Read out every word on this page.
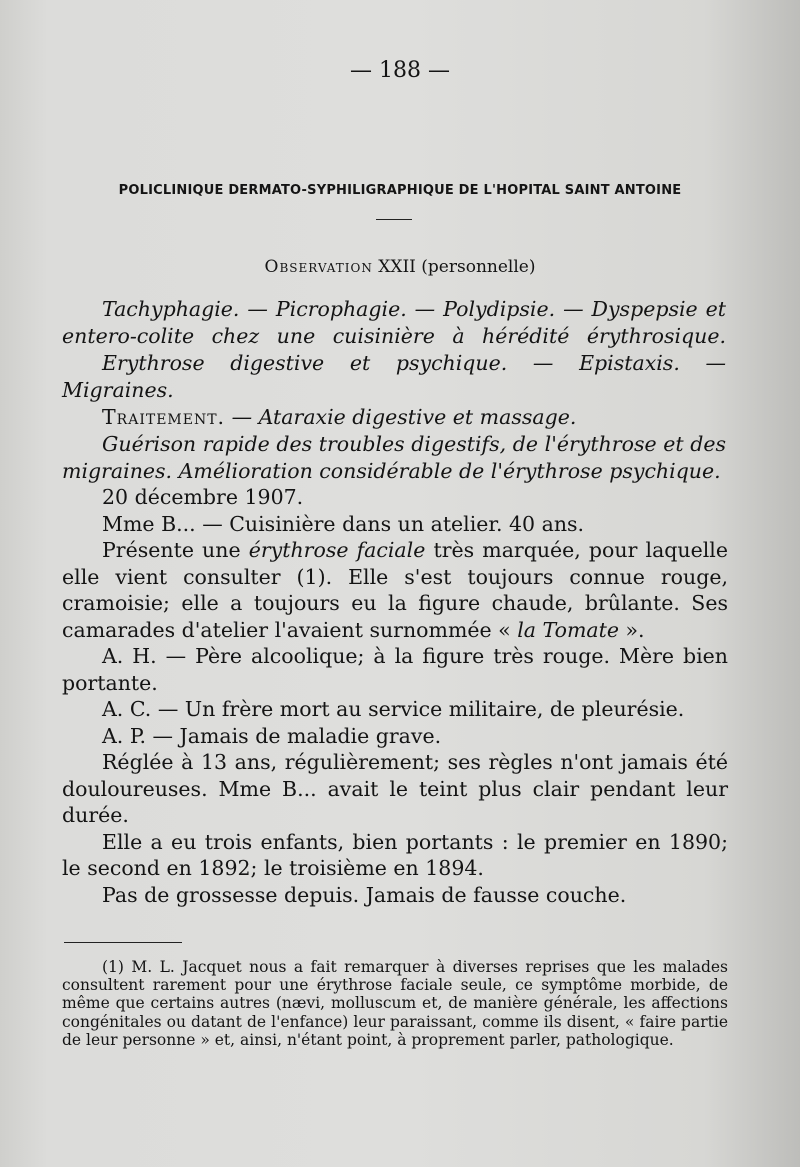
— 188 —
POLICLINIQUE DERMATO-SYPHILIGRAPHIQUE DE L'HOPITAL SAINT ANTOINE
Observation XXII (personnelle)

Tachyphagie. — Picrophagie. — Polydipsie. — Dyspepsie et entero-colite chez une cuisinière à hérédité érythrosique.

Erythrose digestive et psychique. — Epistaxis. — Migraines.

Traitement. — Ataraxie digestive et massage.

Guérison rapide des troubles digestifs, de l'érythrose et des migraines. Amélioration considérable de l'érythrose psychique.

20 décembre 1907.

Mme B... — Cuisinière dans un atelier. 40 ans.

Présente une érythrose faciale très marquée, pour laquelle elle vient consulter (1). Elle s'est toujours connue rouge, cramoisie; elle a toujours eu la figure chaude, brûlante. Ses camarades d'atelier l'avaient surnommée « la Tomate ».

A. H. — Père alcoolique; à la figure très rouge. Mère bien portante.

A. C. — Un frère mort au service militaire, de pleurésie.

A. P. — Jamais de maladie grave.

Réglée à 13 ans, régulièrement; ses règles n'ont jamais été douloureuses. Mme B... avait le teint plus clair pendant leur durée.

Elle a eu trois enfants, bien portants : le premier en 1890; le second en 1892; le troisième en 1894.

Pas de grossesse depuis. Jamais de fausse couche.

(1) M. L. Jacquet nous a fait remarquer à diverses reprises que les malades consultent rarement pour une érythrose faciale seule, ce symptôme morbide, de même que certains autres (nævi, molluscum et, de manière générale, les affections congénitales ou datant de l'enfance) leur paraissant, comme ils disent, « faire partie de leur personne » et, ainsi, n'étant point, à proprement parler, pathologique.
